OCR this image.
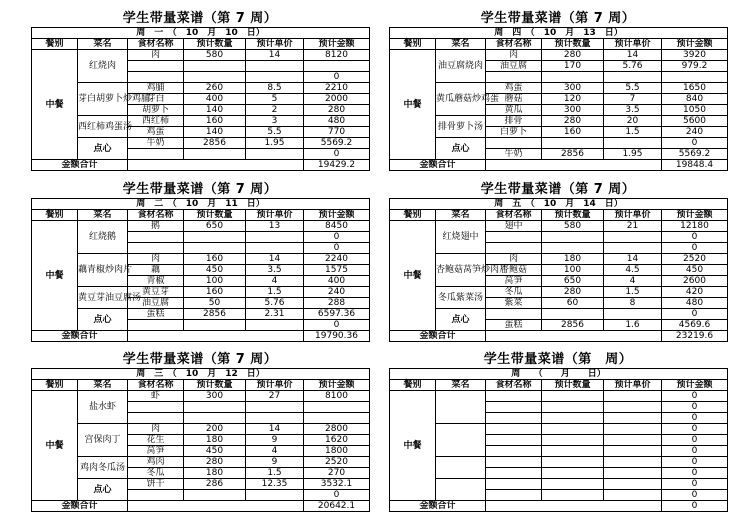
学生带量菜谱（第 7 周）
周　一　（　10　月　10　日）					
餐别	菜名	食材名称	预计数量	预计单价	预计金额
中餐	红烧肉	肉	580	14	8120

					0
	芽白胡萝卜炒鸡脯	鸡脯	260	8.5	2210
		芽白	400	5	2000
		胡萝卜	140	2	280
	西红柿鸡蛋汤	西红柿	160	3	480
		鸡蛋	140	5.5	770
	点心	牛奶	2856	1.95	5569.2
					0
金额合计					19429.2
学生带量菜谱（第 7 周）
周　四　（　10　月　13　日）					
餐别	菜名	食材名称	预计数量	预计单价	预计金额
中餐	油豆腐烧肉	肉	280	14	3920
		油豆腐	170	5.76	979.2

	黄瓜蘑菇炒鸡蛋	鸡蛋	300	5.5	1650
		蘑菇	120	7	840
		黄瓜	300	3.5	1050
	排骨萝卜汤	排骨	280	20	5600
		白萝卜	160	1.5	240
	点心				0
		牛奶	2856	1.95	5569.2
金额合计					19848.4
学生带量菜谱（第 7 周）
周　二　（　10　月　11　日）					
餐别	菜名	食材名称	预计数量	预计单价	预计金额
中餐	红烧鹅	鹅	650	13	8450
					0
					0
	藕青椒炒肉片	肉	160	14	2240
		藕	450	3.5	1575
		青椒	100	4	400
	黄豆芽油豆腐汤	黄豆芽	160	1.5	240
		油豆腐	50	5.76	288
	点心	蛋糕	2856	2.31	6597.36
					0
金额合计					19790.36
学生带量菜谱（第 7 周）
周　五　（　10　月　14　日）					
餐别	菜名	食材名称	预计数量	预计单价	预计金额
中餐	红烧翅中	翅中	580	21	12180
					0
					0
	杏鲍菇莴笋炒肉片	肉	180	14	2520
		杏鲍菇	100	4.5	450
		莴笋	650	4	2600
	冬瓜紫菜汤	冬瓜	280	1.5	420
		紫菜	60	8	480
	点心				0
		蛋糕	2856	1.6	4569.6
金额合计					23219.6
学生带量菜谱（第 7 周）
周　三　（　10　月　12　日）					
餐别	菜名	食材名称	预计数量	预计单价	预计金额
中餐	盐水虾	虾	300	27	8100

	宫保肉丁	肉	200	14	2800
		花生	180	9	1620
		莴笋	450	4	1800
	鸡肉冬瓜汤	鸡肉	280	9	2520
		冬瓜	180	1.5	270
	点心	饼干	286	12.35	3532.1
					0
金额合计					20642.1
学生带量菜谱（第　周）
周　　（　　月　　日）					
餐别	菜名	食材名称	预计数量	预计单价	预计金额
中餐					0
					0
					0
					0
					0
					0
					0
					0
					0
					0
金额合计					0
